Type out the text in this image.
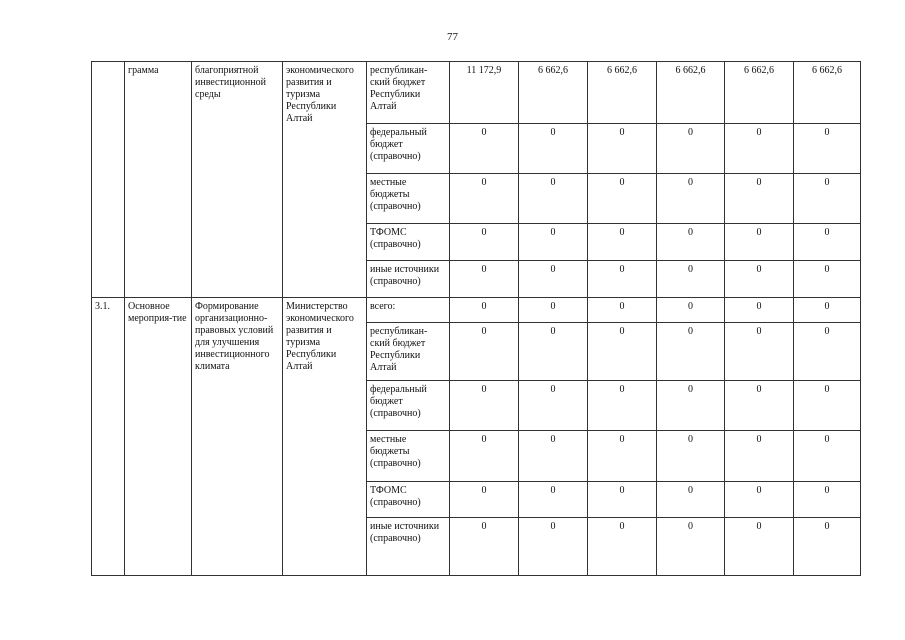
77
	грамма	благоприятной инвестиционной среды	экономического развития и туризма Республики Алтай	республикан-ский бюджет Республики Алтай	11 172,9	6 662,6	6 662,6	6 662,6	6 662,6	6 662,6
				федеральный бюджет (справочно)	0	0	0	0	0	0
				местные бюджеты (справочно)	0	0	0	0	0	0
				ТФОМС (справочно)	0	0	0	0	0	0
				иные источники (справочно)	0	0	0	0	0	0
3.1.	Основное мероприя-тие	Формирование организационно-правовых условий для улучшения инвестиционного климата	Министерство экономического развития и туризма Республики Алтай	всего:	0	0	0	0	0	0
				республикан-ский бюджет Республики Алтай	0	0	0	0	0	0
				федеральный бюджет (справочно)	0	0	0	0	0	0
				местные бюджеты (справочно)	0	0	0	0	0	0
				ТФОМС (справочно)	0	0	0	0	0	0
				иные источники (справочно)	0	0	0	0	0	0
